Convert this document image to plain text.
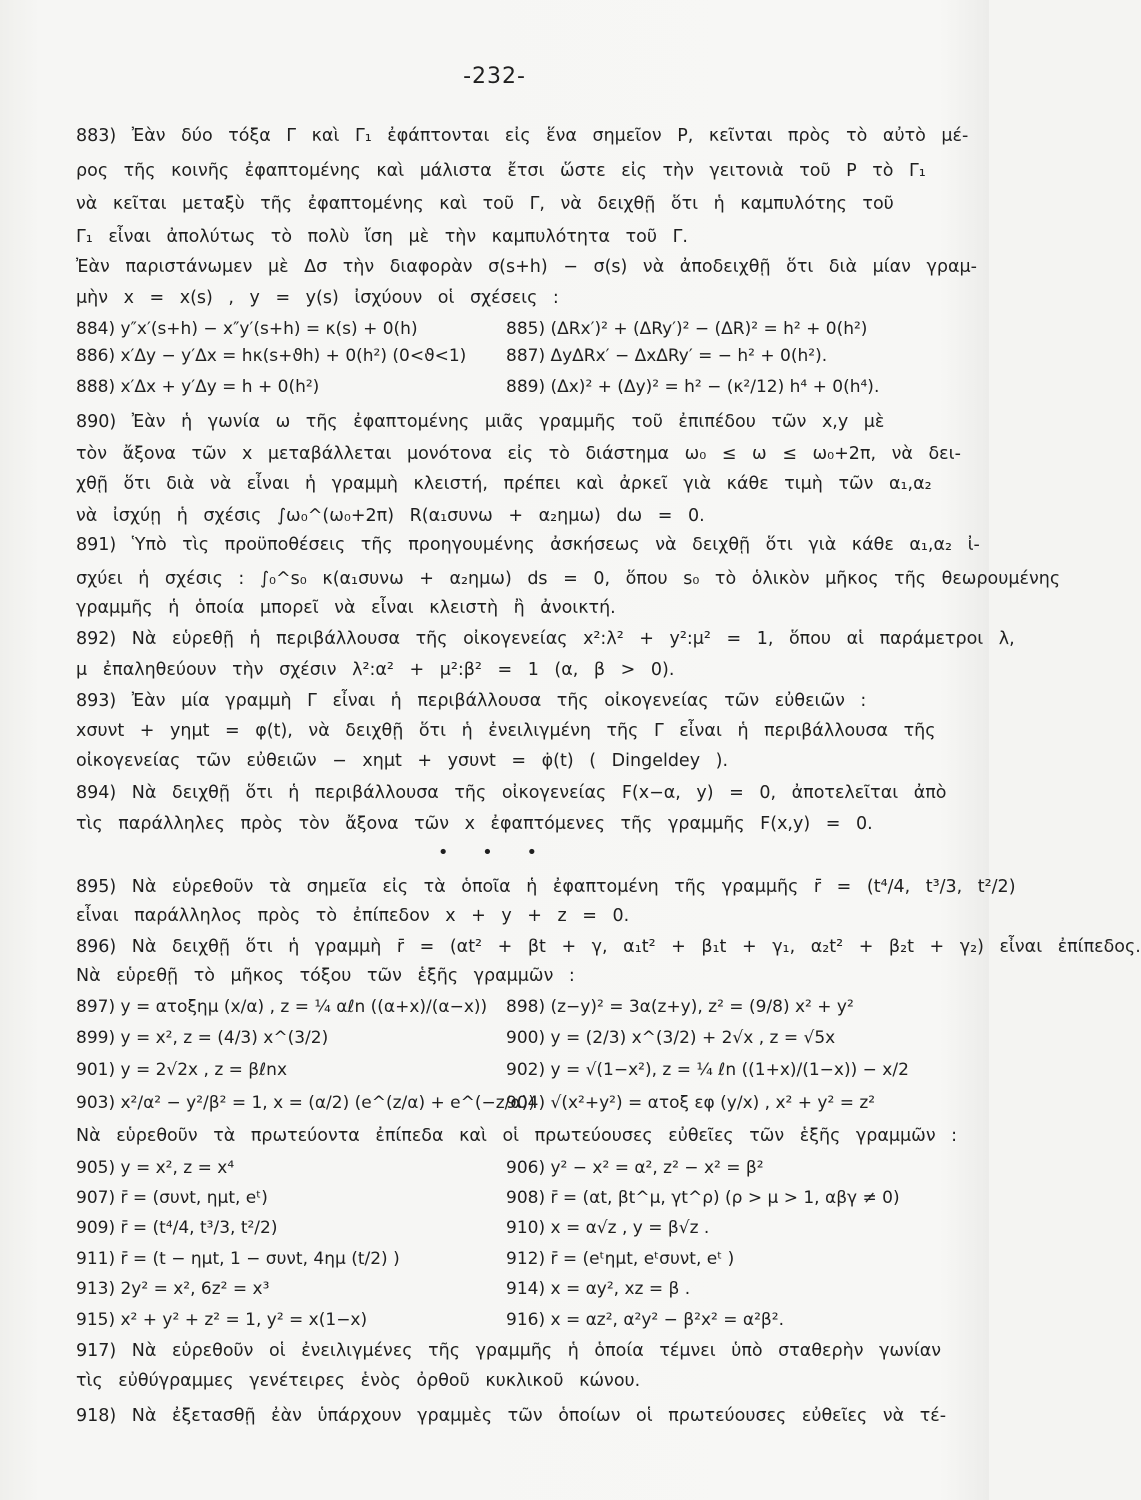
-232-
883) Ἐὰν δύο τόξα Γ καὶ Γ₁ ἐφάπτονται εἰς ἕνα σημεῖον P, κεῖνται πρὸς τὸ αὐτὸ μέ-
ρος τῆς κοινῆς ἐφαπτομένης καὶ μάλιστα ἔτσι ὥστε εἰς τὴν γειτονιὰ τοῦ P τὸ Γ₁
νὰ κεῖται μεταξὺ τῆς ἐφαπτομένης καὶ τοῦ Γ, νὰ δειχθῇ ὅτι ἡ καμπυλότης τοῦ
Γ₁ εἶναι ἀπολύτως τὸ πολὺ ἴση μὲ τὴν καμπυλότητα τοῦ Γ.
Ἐὰν παριστάνωμεν μὲ Δσ τὴν διαφορὰν σ(s+h) − σ(s) νὰ ἀποδειχθῇ ὅτι διὰ μίαν γραμ-
μὴν x = x(s) , y = y(s) ἰσχύουν οἱ σχέσεις :
884) y″x′(s+h) − x″y′(s+h) = κ(s) + 0(h)	885) (ΔRx′)² + (ΔRy′)² − (ΔR)² = h² + 0(h²)
886) x′Δy − y′Δx = hκ(s+ϑh) + 0(h²) (0<ϑ<1)	887) ΔyΔRx′ − ΔxΔRy′ = − h² + 0(h²).
888) x′Δx + y′Δy = h + 0(h²)	889) (Δx)² + (Δy)² = h² − (κ²/12) h⁴ + 0(h⁴).
890) Ἐὰν ἡ γωνία ω τῆς ἐφαπτομένης μιᾶς γραμμῆς τοῦ ἐπιπέδου τῶν x,y μὲ
τὸν ἄξονα τῶν x μεταβάλλεται μονότονα εἰς τὸ διάστημα ω₀ ≤ ω ≤ ω₀+2π, νὰ δει-
χθῇ ὅτι διὰ νὰ εἶναι ἡ γραμμὴ κλειστή, πρέπει καὶ ἀρκεῖ γιὰ κάθε τιμὴ τῶν α₁,α₂
νὰ ἰσχύῃ ἡ σχέσις ∫ω₀^(ω₀+2π) R(α₁συνω + α₂ημω) dω = 0.
891) Ὑπὸ τὶς προϋποθέσεις τῆς προηγουμένης ἀσκήσεως νὰ δειχθῇ ὅτι γιὰ κάθε α₁,α₂ ἰ-
σχύει ἡ σχέσις : ∫₀^s₀ κ(α₁συνω + α₂ημω) ds = 0, ὅπου s₀ τὸ ὁλικὸν μῆκος τῆς θεωρουμένης
γραμμῆς ἡ ὁποία μπορεῖ νὰ εἶναι κλειστὴ ἢ ἀνοικτή.
892) Νὰ εὑρεθῇ ἡ περιβάλλουσα τῆς οἰκογενείας x²:λ² + y²:μ² = 1, ὅπου αἱ παράμετροι λ,
μ ἐπαληθεύουν τὴν σχέσιν λ²:α² + μ²:β² = 1 (α, β > 0).
893) Ἐὰν μία γραμμὴ Γ εἶναι ἡ περιβάλλουσα τῆς οἰκογενείας τῶν εὐθειῶν :
xσυνt + yημt = φ(t), νὰ δειχθῇ ὅτι ἡ ἐνειλιγμένη τῆς Γ εἶναι ἡ περιβάλλουσα τῆς
οἰκογενείας τῶν εὐθειῶν − xημt + yσυνt = φ̇(t) ( Dingeldey ).
894) Νὰ δειχθῇ ὅτι ἡ περιβάλλουσα τῆς οἰκογενείας F(x−α, y) = 0, ἀποτελεῖται ἀπὸ
τὶς παράλληλες πρὸς τὸν ἄξονα τῶν x ἐφαπτόμενες τῆς γραμμῆς F(x,y) = 0.
• • •
895) Νὰ εὑρεθοῦν τὰ σημεῖα εἰς τὰ ὁποῖα ἡ ἐφαπτομένη τῆς γραμμῆς r̄ = (t⁴/4, t³/3, t²/2)
εἶναι παράλληλος πρὸς τὸ ἐπίπεδον x + y + z = 0.
896) Νὰ δειχθῇ ὅτι ἡ γραμμὴ r̄ = (αt² + βt + γ, α₁t² + β₁t + γ₁, α₂t² + β₂t + γ₂) εἶναι ἐπίπεδος.
Νὰ εὑρεθῇ τὸ μῆκος τόξου τῶν ἑξῆς γραμμῶν :
897) y = ατοξημ (x/α) , z = ¼ αℓn ((α+x)/(α−x))	898) (z−y)² = 3α(z+y), z² = (9/8) x² + y²
899) y = x², z = (4/3) x^(3/2)	900) y = (2/3) x^(3/2) + 2√x , z = √5x
901) y = 2√2x , z = βℓnx	902) y = √(1−x²), z = ¼ ℓn ((1+x)/(1−x)) − x/2
903) x²/α² − y²/β² = 1, x = (α/2) (e^(z/α) + e^(−z/α))
904) √(x²+y²) = ατοξ εφ (y/x) , x² + y² = z²
Νὰ εὑρεθοῦν τὰ πρωτεύοντα ἐπίπεδα καὶ οἱ πρωτεύουσες εὐθεῖες τῶν ἑξῆς γραμμῶν :
905) y = x², z = x⁴	906) y² − x² = α², z² − x² = β²
907) r̄ = (συνt, ημt, eᵗ)	908) r̄ = (αt, βt^μ, γt^ρ) (ρ > μ > 1, αβγ ≠ 0)
909) r̄ = (t⁴/4, t³/3, t²/2)	910) x = α√z , y = β√z .
911) r̄ = (t − ημt, 1 − συνt, 4ημ (t/2) )	912) r̄ = (eᵗημt, eᵗσυνt, eᵗ )
913) 2y² = x², 6z² = x³	914) x = αy², xz = β .
915) x² + y² + z² = 1, y² = x(1−x)	916) x = αz², α²y² − β²x² = α²β².
917) Νὰ εὑρεθοῦν οἱ ἐνειλιγμένες τῆς γραμμῆς ἡ ὁποία τέμνει ὑπὸ σταθερὴν γωνίαν
τὶς εὐθύγραμμες γενέτειρες ἑνὸς ὀρθοῦ κυκλικοῦ κώνου.
918) Νὰ ἐξετασθῇ ἐὰν ὑπάρχουν γραμμὲς τῶν ὁποίων οἱ πρωτεύουσες εὐθεῖες νὰ τέ-
